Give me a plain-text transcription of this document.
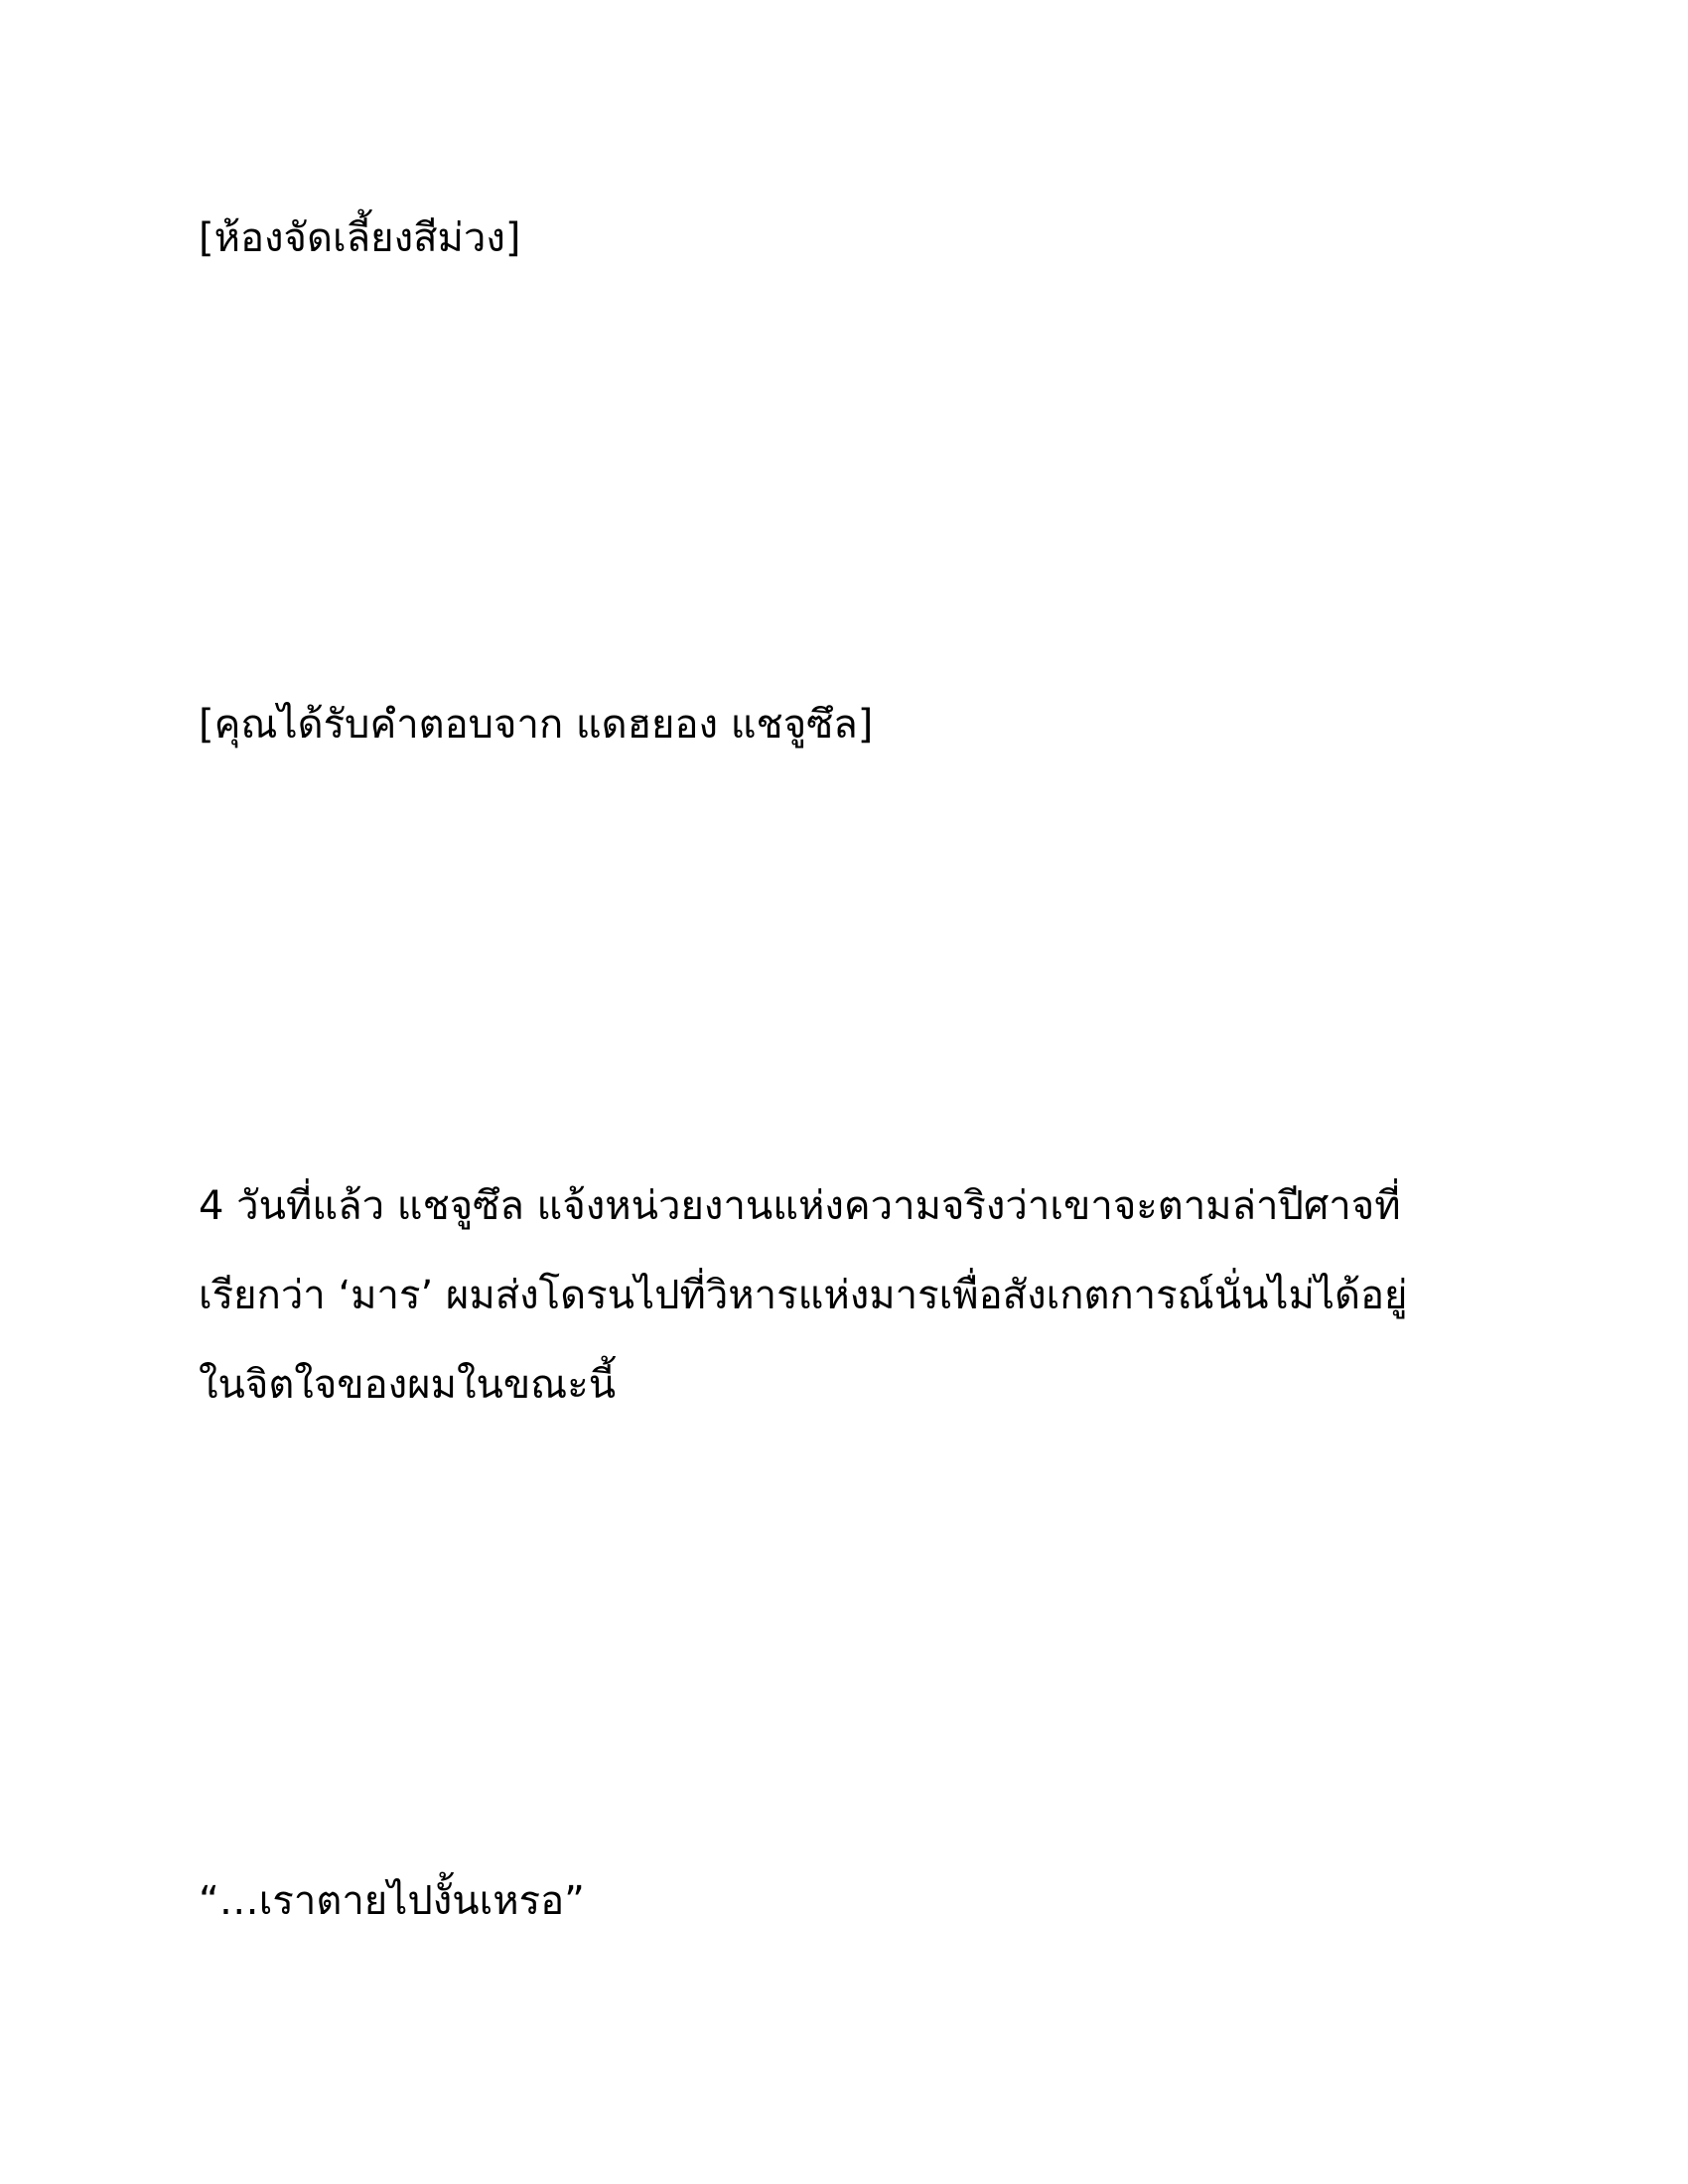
[ห้องจัดเลี้ยงสีม่วง]
[คุณได้รับคำตอบจาก แดฮยอง แชจูซึล]
4 วันที่แล้ว แชจูซึล แจ้งหน่วยงานแห่งความจริงว่าเขาจะตามล่าปีศาจที่
เรียกว่า ‘มาร’ ผมส่งโดรนไปที่วิหารแห่งมารเพื่อสังเกตการณ์นั่นไม่ได้อยู่
ในจิตใจของผมในขณะนี้
“…เราตายไปงั้นเหรอ”
